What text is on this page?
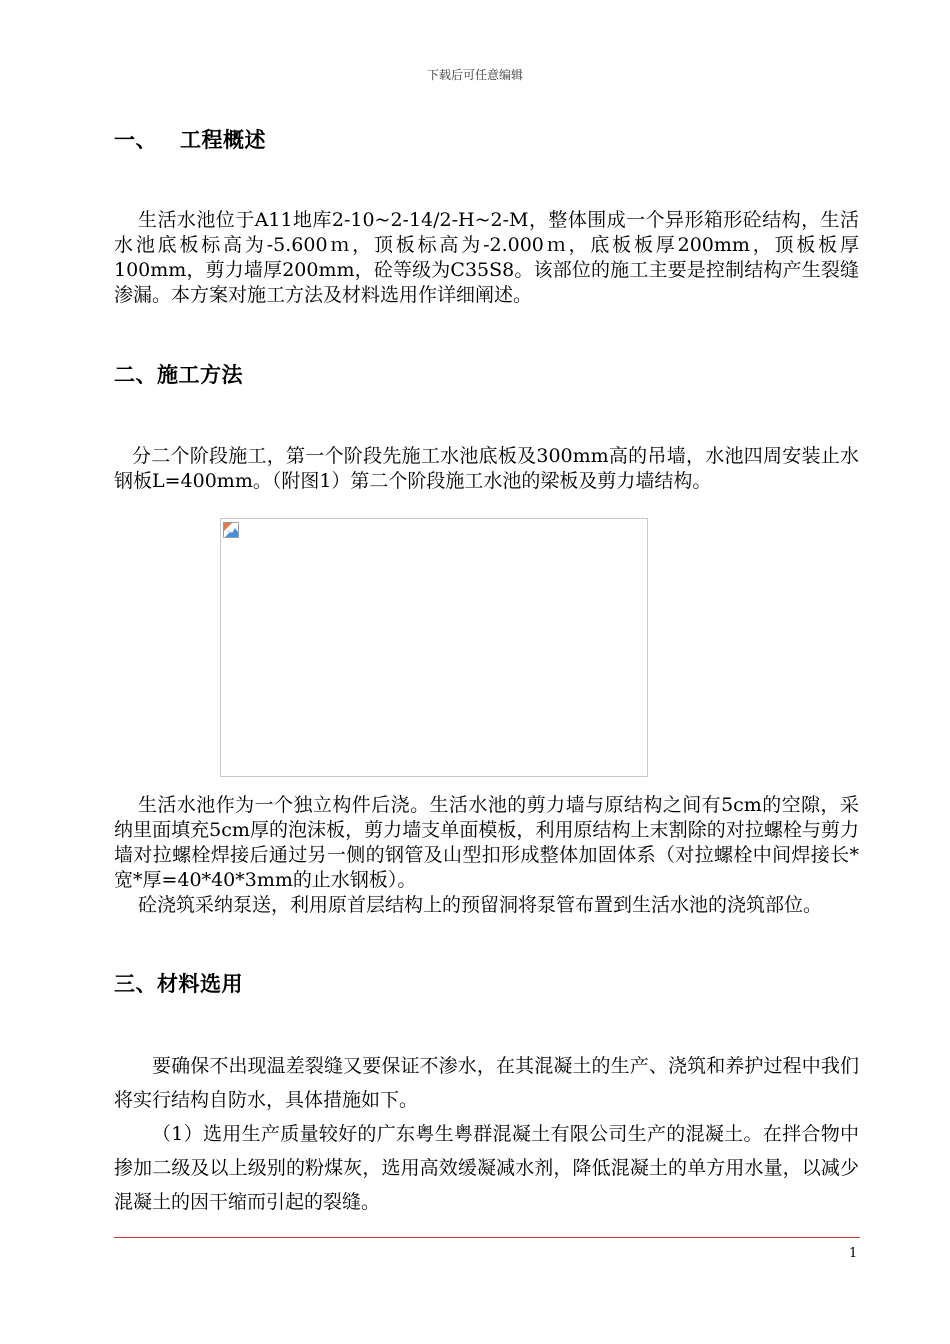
下载后可任意编辑
一、 工程概述

生活水池位于A11地库2-10~2-14/2-H~2-M，整体围成一个异形箱形砼结构，生活水池底板标高为-5.600ｍ，顶板标高为-2.000ｍ，底板板厚200mm，顶板板厚100mm，剪力墙厚200mm，砼等级为C35S8。该部位的施工主要是控制结构产生裂缝渗漏。本方案对施工方法及材料选用作详细阐述。

二、施工方法

分二个阶段施工，第一个阶段先施工水池底板及300mm高的吊墙，水池四周安装止水钢板L=400mm。（附图1）第二个阶段施工水池的梁板及剪力墙结构。

生活水池作为一个独立构件后浇。生活水池的剪力墙与原结构之间有5cm的空隙，采纳里面填充5cm厚的泡沫板，剪力墙支单面模板，利用原结构上末割除的对拉螺栓与剪力墙对拉螺栓焊接后通过另一侧的钢管及山型扣形成整体加固体系（对拉螺栓中间焊接长*宽*厚=40*40*3mm的止水钢板）。

砼浇筑采纳泵送，利用原首层结构上的预留洞将泵管布置到生活水池的浇筑部位。

三、材料选用

要确保不出现温差裂缝又要保证不渗水，在其混凝土的生产、浇筑和养护过程中我们将实行结构自防水，具体措施如下。

（1）选用生产质量较好的广东粤生粤群混凝土有限公司生产的混凝土。在拌合物中掺加二级及以上级别的粉煤灰，选用高效缓凝减水剂，降低混凝土的单方用水量，以减少混凝土的因干缩而引起的裂缝。

1
